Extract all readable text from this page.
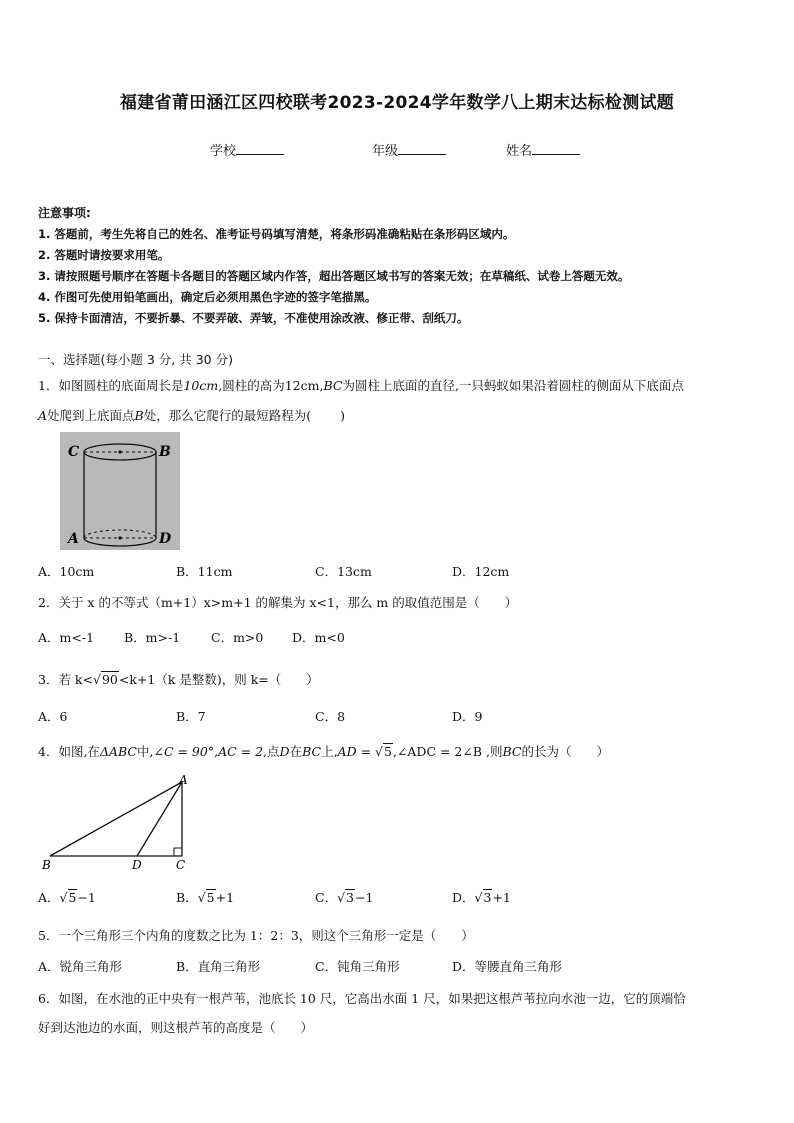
福建省莆田涵江区四校联考2023-2024学年数学八上期末达标检测试题
学校	年级	姓名
注意事项:
1. 答题前，考生先将自己的姓名、准考证号码填写清楚，将条形码准确粘贴在条形码区域内。
2. 答题时请按要求用笔。
3. 请按照题号顺序在答题卡各题目的答题区域内作答，超出答题区域书写的答案无效；在草稿纸、试卷上答题无效。
4. 作图可先使用铅笔画出，确定后必须用黑色字迹的签字笔描黑。
5. 保持卡面清洁，不要折暴、不要弄破、弄皱，不准使用涂改液、修正带、刮纸刀。
一、选择题(每小题 3 分, 共 30 分)
1．如图圆柱的底面周长是10cm,圆柱的高为12cm,BC为圆柱上底面的直径,一只蚂蚁如果沿着圆柱的侧面从下底面点
A处爬到上底面点B处，那么它爬行的最短路程为(　　 )
C	B
A	D
A．10cm	B．11cm	C．13cm	D．12cm
2．关于 x 的不等式（m+1）x>m+1 的解集为 x<1，那么 m 的取值范围是（　　）
A．m<-1 B．m>-1 C．m>0 D．m<0
3．若 k<√90<k+1（k 是整数)，则 k=（　　）
A．6	B．7	C．8	D．9
4．如图,在ΔABC中,∠C = 90°,AC = 2,点D在BC上,AD = √5,∠ADC = 2∠B ,则BC的长为（　　）
A
B	D	C
A．√5−1	B．√5+1	C．√3−1	D．√3+1
5．一个三角形三个内角的度数之比为 1：2：3，则这个三角形一定是（　　）
A．锐角三角形	B．直角三角形	C．钝角三角形	D．等腰直角三角形
6．如图，在水池的正中央有一根芦苇，池底长 10 尺，它高出水面 1 尺，如果把这根芦苇拉向水池一边，它的顶端恰
好到达池边的水面，则这根芦苇的高度是（　　）
